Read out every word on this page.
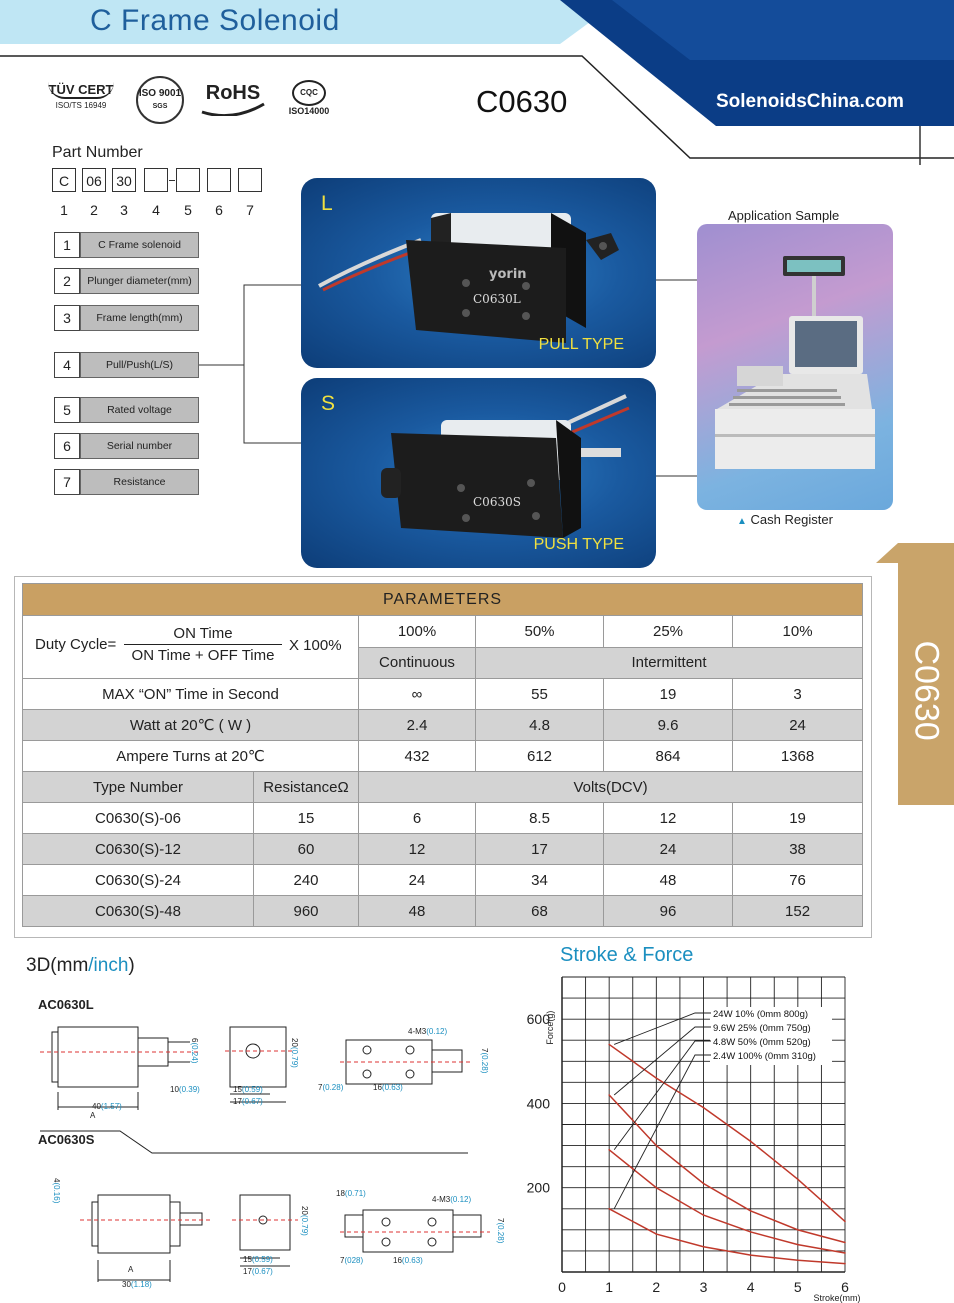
C Frame Solenoid
SolenoidsChina.com
C0630
TÜV CERT
ISO/TS 16949
ISO 9001
SGS
RoHS	CQC
ISO14000
Part Number
C	06	30
1	2	3	4	5	6	7
1	C Frame solenoid
2	Plunger diameter(mm)
3	Frame length(mm)
4	Pull/Push(L/S)
5	Rated voltage
6	Serial number
7	Resistance
L
C0630L
yorin
PULL TYPE
S
C0630S
PUSH TYPE
Application Sample
▲ Cash Register
C0630
PARAMETERS					

Duty Cycle=
ON Time
ON Time + OFF Time
X 100%		100%	50%	25%	10%
		Continuous	Intermittent		
MAX “ON” Time in Second		∞	55	19	3
Watt at 20℃ ( W )		2.4	4.8	9.6	24
Ampere Turns at 20℃		432	612	864	1368
Type Number	ResistanceΩ	Volts(DCV)			
C0630(S)-06	15	6	8.5	12	19
C0630(S)-12	60	12	17	24	38
C0630(S)-24	240	24	34	48	76
C0630(S)-48	960	48	68	96	152
3D(mm/inch)
AC0630L
AC0630S
A
40(1.57)
10(0.39)
6(0.24)	20(0.79)
15(0.59)
17(0.67)
4-M3(0.12)
7(0.28)	16(0.63)
7(0.28)
A
30(1.18)
4(0.16)
20(0.79)
15(0.59)
17(0.67)
18(0.71)
4-M3(0.12)
7(028)	16(0.63)
7(0.28)
Stroke & Force
0	1	2	3	4	5	6
200
400
600
Force(g)
Stroke(mm)
24W 10% (0mm 800g)
9.6W 25% (0mm 750g)
4.8W 50% (0mm 520g)
2.4W 100% (0mm 310g)
